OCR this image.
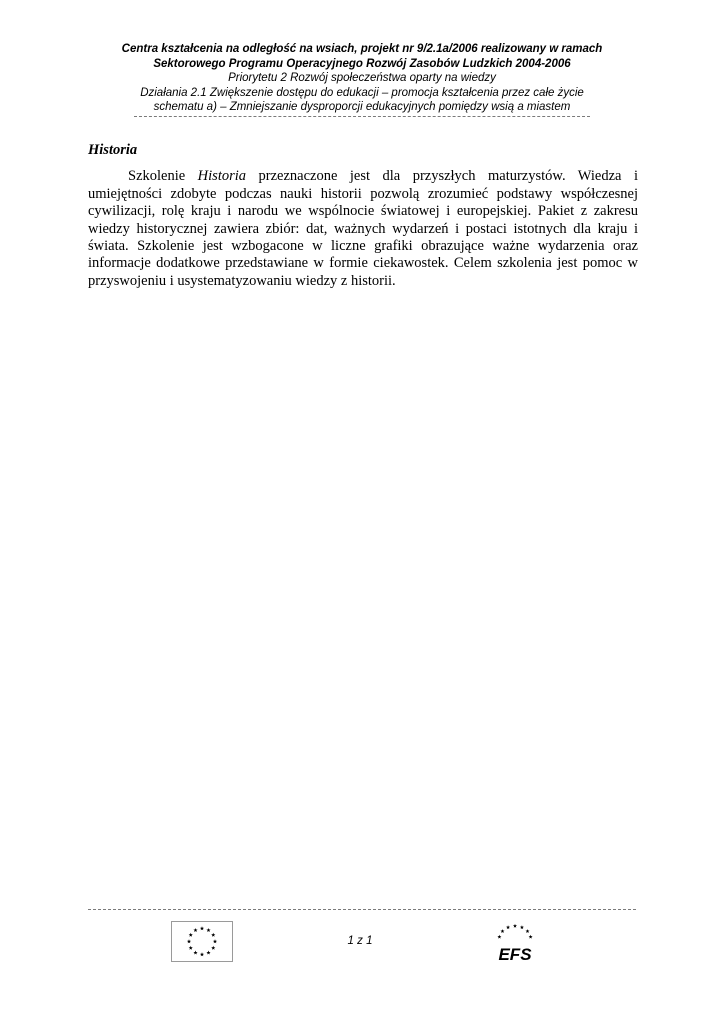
Centra kształcenia na odległość na wsiach, projekt nr 9/2.1a/2006 realizowany w ramach
Sektorowego Programu Operacyjnego Rozwój Zasobów Ludzkich 2004-2006
Priorytetu 2 Rozwój społeczeństwa oparty na wiedzy
Działania 2.1 Zwiększenie dostępu do edukacji – promocja kształcenia przez całe życie
schematu a) – Zmniejszanie dysproporcji edukacyjnych pomiędzy wsią a miastem
Historia

Szkolenie Historia przeznaczone jest dla przyszłych maturzystów. Wiedza i umiejętności zdobyte podczas nauki historii pozwolą zrozumieć podstawy współczesnej cywilizacji, rolę kraju i narodu we wspólnocie światowej i europejskiej. Pakiet z zakresu wiedzy historycznej zawiera zbiór: dat, ważnych wydarzeń i postaci istotnych dla kraju i świata. Szkolenie jest wzbogacone w liczne grafiki obrazujące ważne wydarzenia oraz informacje dodatkowe przedstawiane w formie ciekawostek. Celem szkolenia jest pomoc w przyswojeniu i usystematyzowaniu wiedzy z historii.

1 z 1
EFS
